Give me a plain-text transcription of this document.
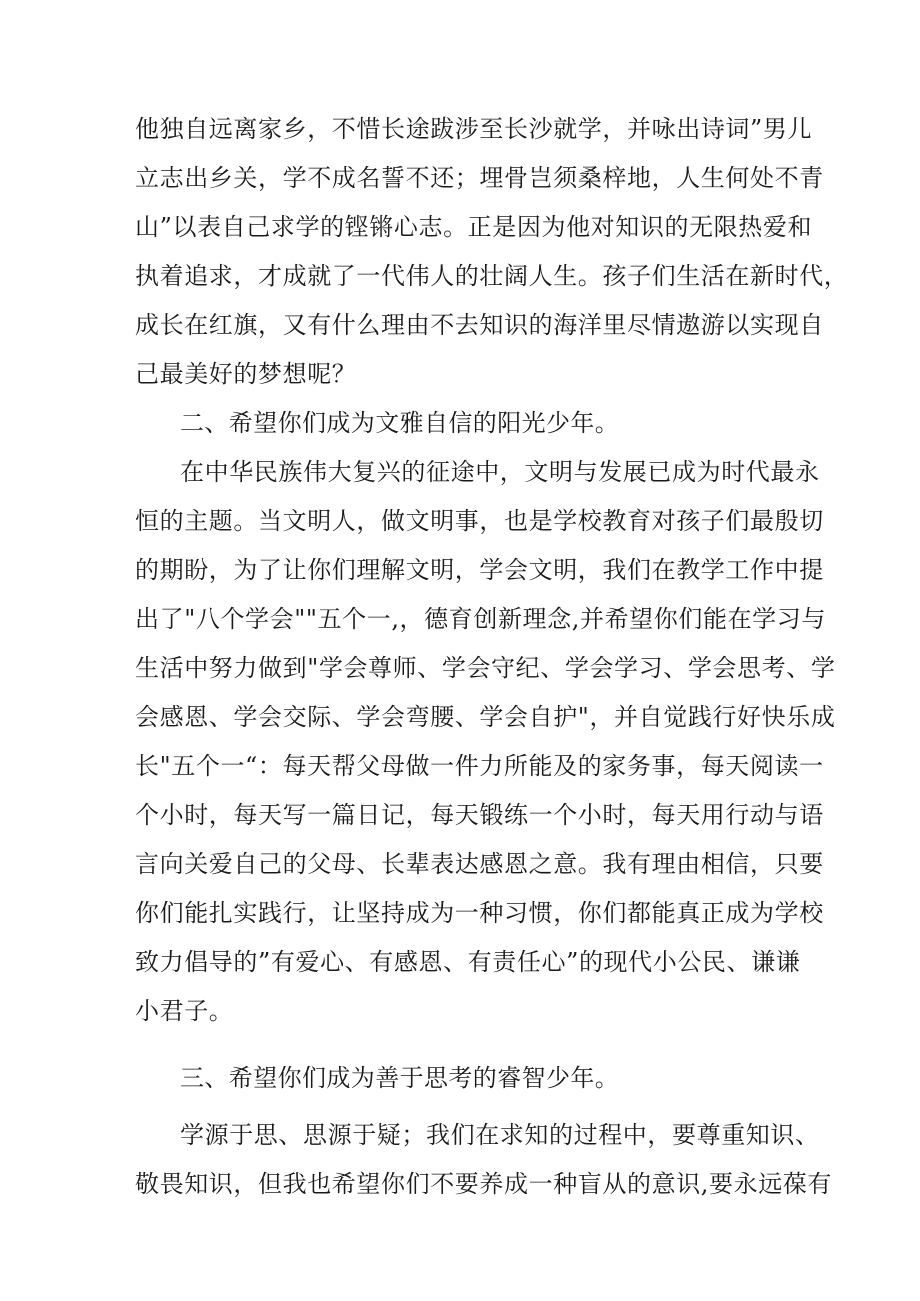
他独自远离家乡，不惜长途跋涉至长沙就学，并咏出诗词”男儿
立志出乡关，学不成名誓不还；埋骨岂须桑梓地，人生何处不青
山”以表自己求学的铿锵心志。正是因为他对知识的无限热爱和
执着追求，才成就了一代伟人的壮阔人生。孩子们生活在新时代，
成长在红旗，又有什么理由不去知识的海洋里尽情遨游以实现自
己最美好的梦想呢？
二、希望你们成为文雅自信的阳光少年。
在中华民族伟大复兴的征途中，文明与发展已成为时代最永
恒的主题。当文明人，做文明事，也是学校教育对孩子们最殷切
的期盼，为了让你们理解文明，学会文明，我们在教学工作中提
出了"八个学会""五个一,，德育创新理念,并希望你们能在学习与
生活中努力做到"学会尊师、学会守纪、学会学习、学会思考、学
会感恩、学会交际、学会弯腰、学会自护"，并自觉践行好快乐成
长"五个一“：每天帮父母做一件力所能及的家务事，每天阅读一
个小时，每天写一篇日记，每天锻练一个小时，每天用行动与语
言向关爱自己的父母、长辈表达感恩之意。我有理由相信，只要
你们能扎实践行，让坚持成为一种习惯，你们都能真正成为学校
致力倡导的”有爱心、有感恩、有责任心”的现代小公民、谦谦
小君子。
三、希望你们成为善于思考的睿智少年。
学源于思、思源于疑；我们在求知的过程中，要尊重知识、
敬畏知识，但我也希望你们不要养成一种盲从的意识,要永远葆有
